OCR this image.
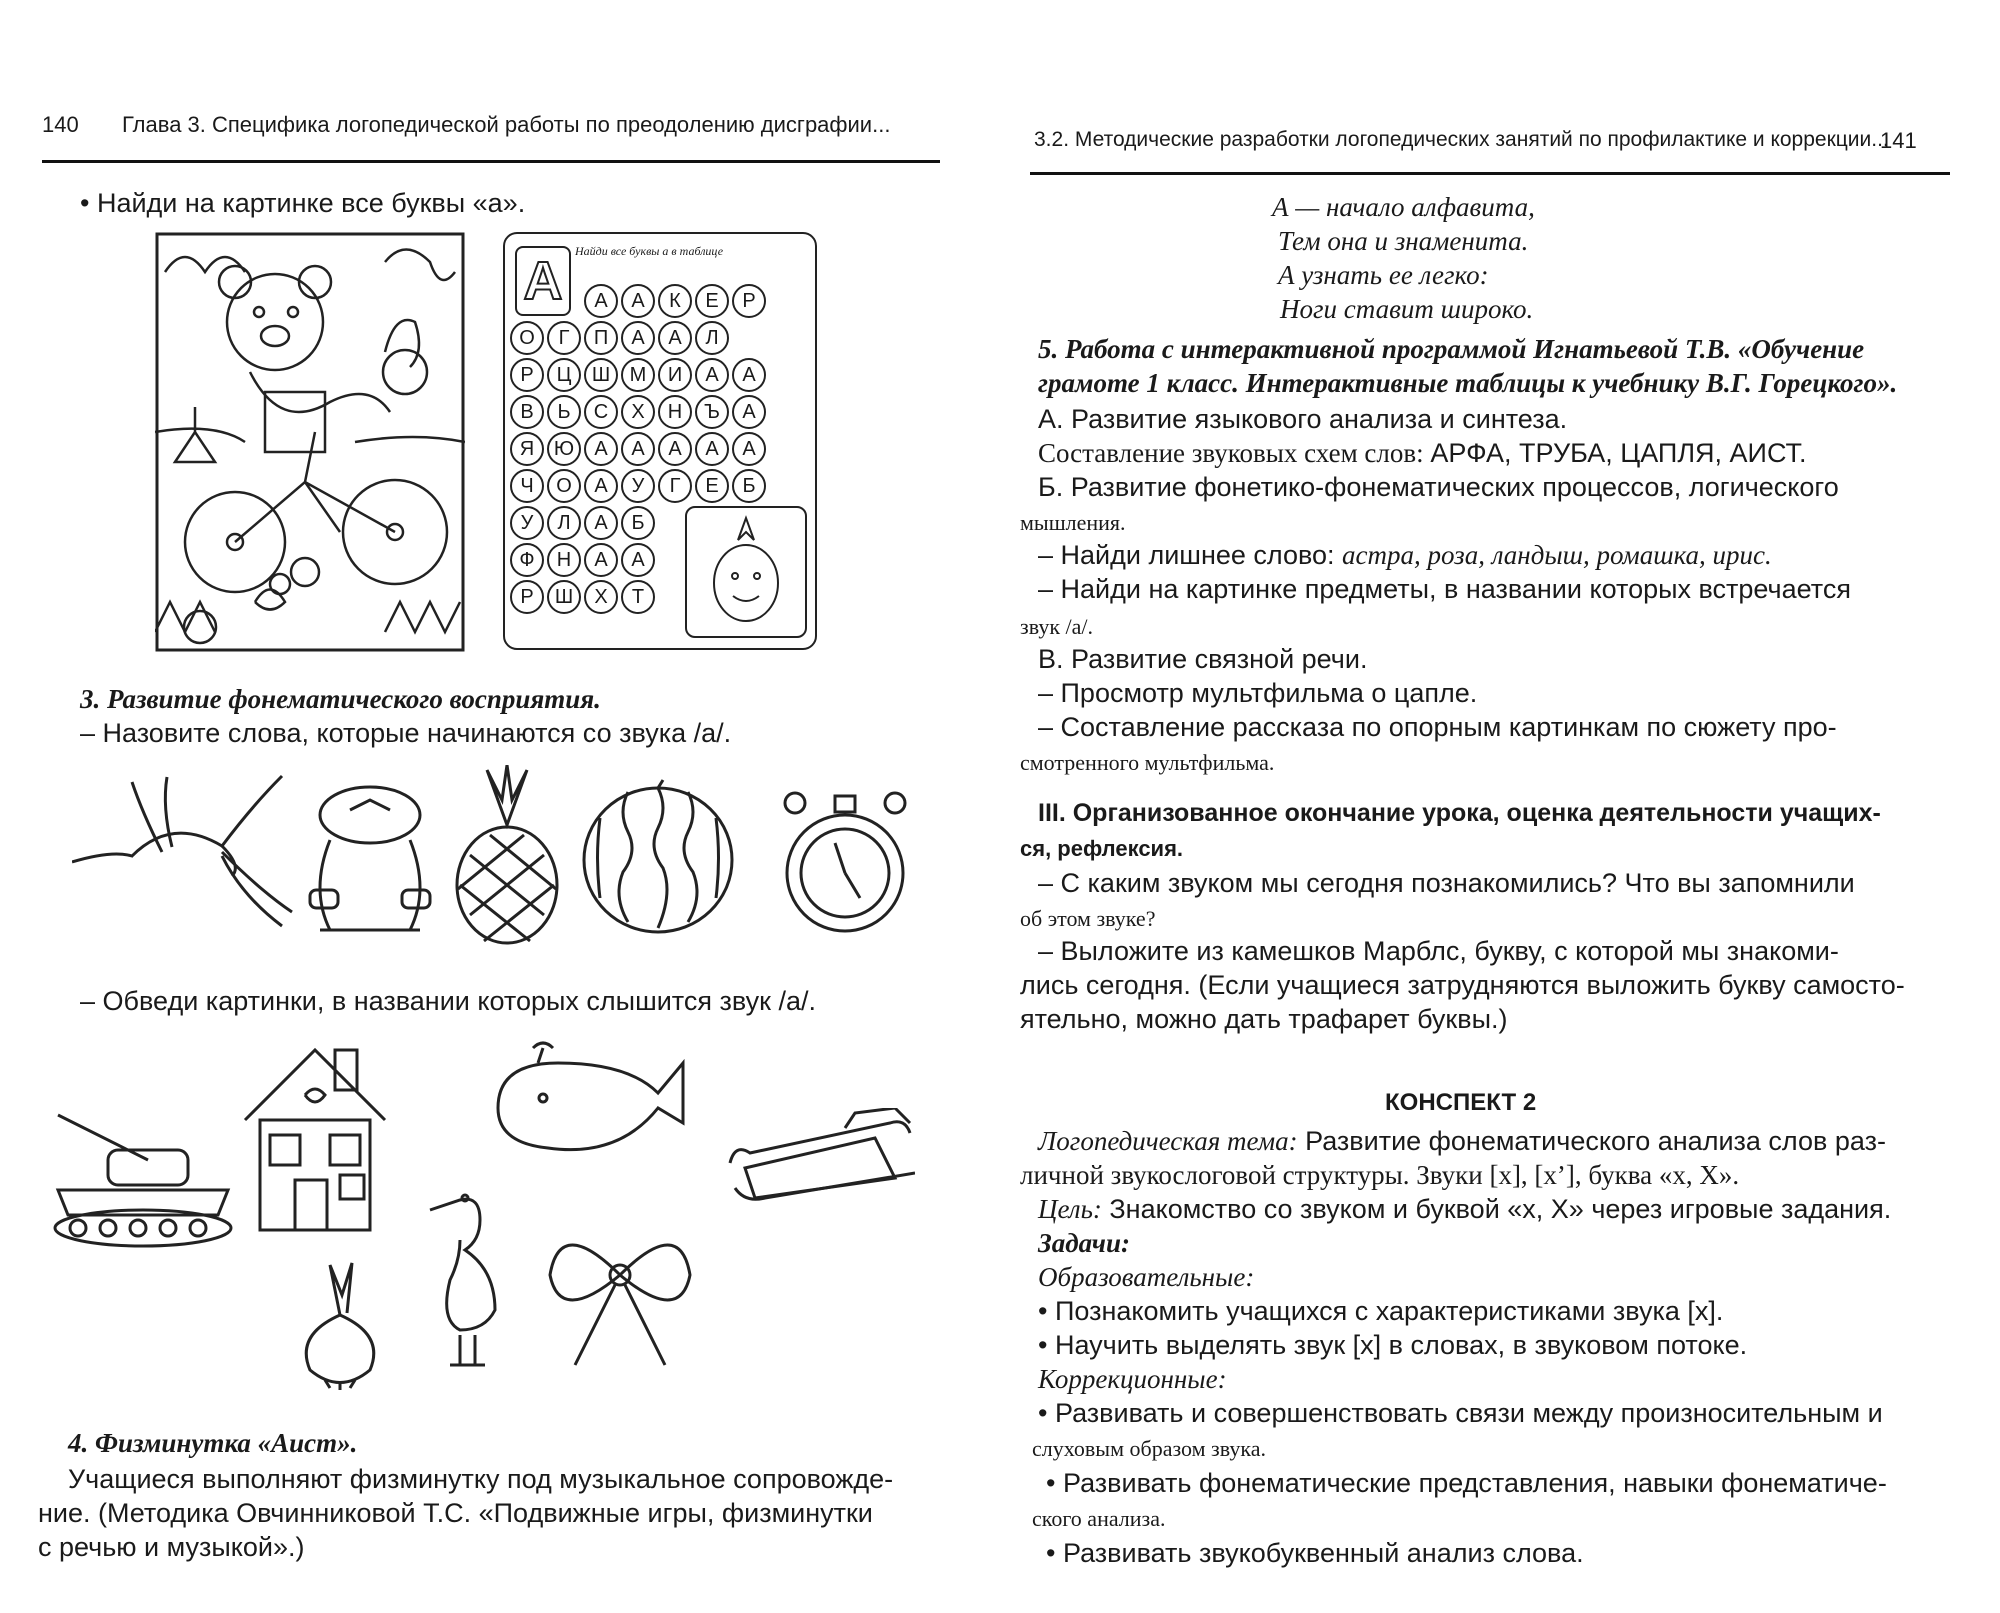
140 Глава 3. Специфика логопедической работы по преодолению дисграфии...
• Найди на картинке все буквы «а».
Найди все буквы а в таблице
А	А	А	К	Е	Р
О	Г	П	А	А	Л
Р	Ц	Ш М	И	А	А
В	Ь	С	Х	Н	Ъ	А
Я Ю	А	А	А	А	А
Ч	О	А	У	Г	Е	Б
У	Л	А	Б
Ф	Н	А	А
Р	Ш	Х	Т
3. Развитие фонематического восприятия.
– Назовите слова, которые начинаются со звука /а/.
– Обведи картинки, в названии которых слышится звук /а/.
4. Физминутка «Аист».
Учащиеся выполняют физминутку под музыкальное сопровожде-
ние. (Методика Овчинниковой Т.С. «Подвижные игры, физминутки
с речью и музыкой».)
3.2. Методические разработки логопедических занятий по профилактике и коррекции...
141
А — начало алфавита,
Тем она и знаменита.
А узнать ее легко:
Ноги ставит широко.
5. Работа с интерактивной программой Игнатьевой Т.В. «Обучение
грамоте 1 класс. Интерактивные таблицы к учебнику В.Г. Горецкого».
А. Развитие языкового анализа и синтеза.
Составление звуковых схем слов: АРФА, ТРУБА, ЦАПЛЯ, АИСТ.
Б. Развитие фонетико-фонематических процессов, логического
мышления.
– Найди лишнее слово: астра, роза, ландыш, ромашка, ирис.
– Найди на картинке предметы, в названии которых встречается
звук /а/.
В. Развитие связной речи.
– Просмотр мультфильма о цапле.
– Составление рассказа по опорным картинкам по сюжету про-
смотренного мультфильма.
III. Организованное окончание урока, оценка деятельности учащих-
ся, рефлексия.
– С каким звуком мы сегодня познакомились? Что вы запомнили
об этом звуке?
– Выложите из камешков Марблс, букву, с которой мы знакоми-
лись сегодня. (Если учащиеся затрудняются выложить букву самосто-
ятельно, можно дать трафарет буквы.)
КОНСПЕКТ 2
Логопедическая тема: Развитие фонематического анализа слов раз-
личной звукослоговой структуры. Звуки [х], [х’], буква «х, Х».
Цель: Знакомство со звуком и буквой «х, Х» через игровые задания.
Задачи:
Образовательные:
• Познакомить учащихся с характеристиками звука [х].
• Научить выделять звук [х] в словах, в звуковом потоке.
Коррекционные:
• Развивать и совершенствовать связи между произносительным и
слуховым образом звука.
• Развивать фонематические представления, навыки фонематиче-
ского анализа.
• Развивать звукобуквенный анализ слова.
